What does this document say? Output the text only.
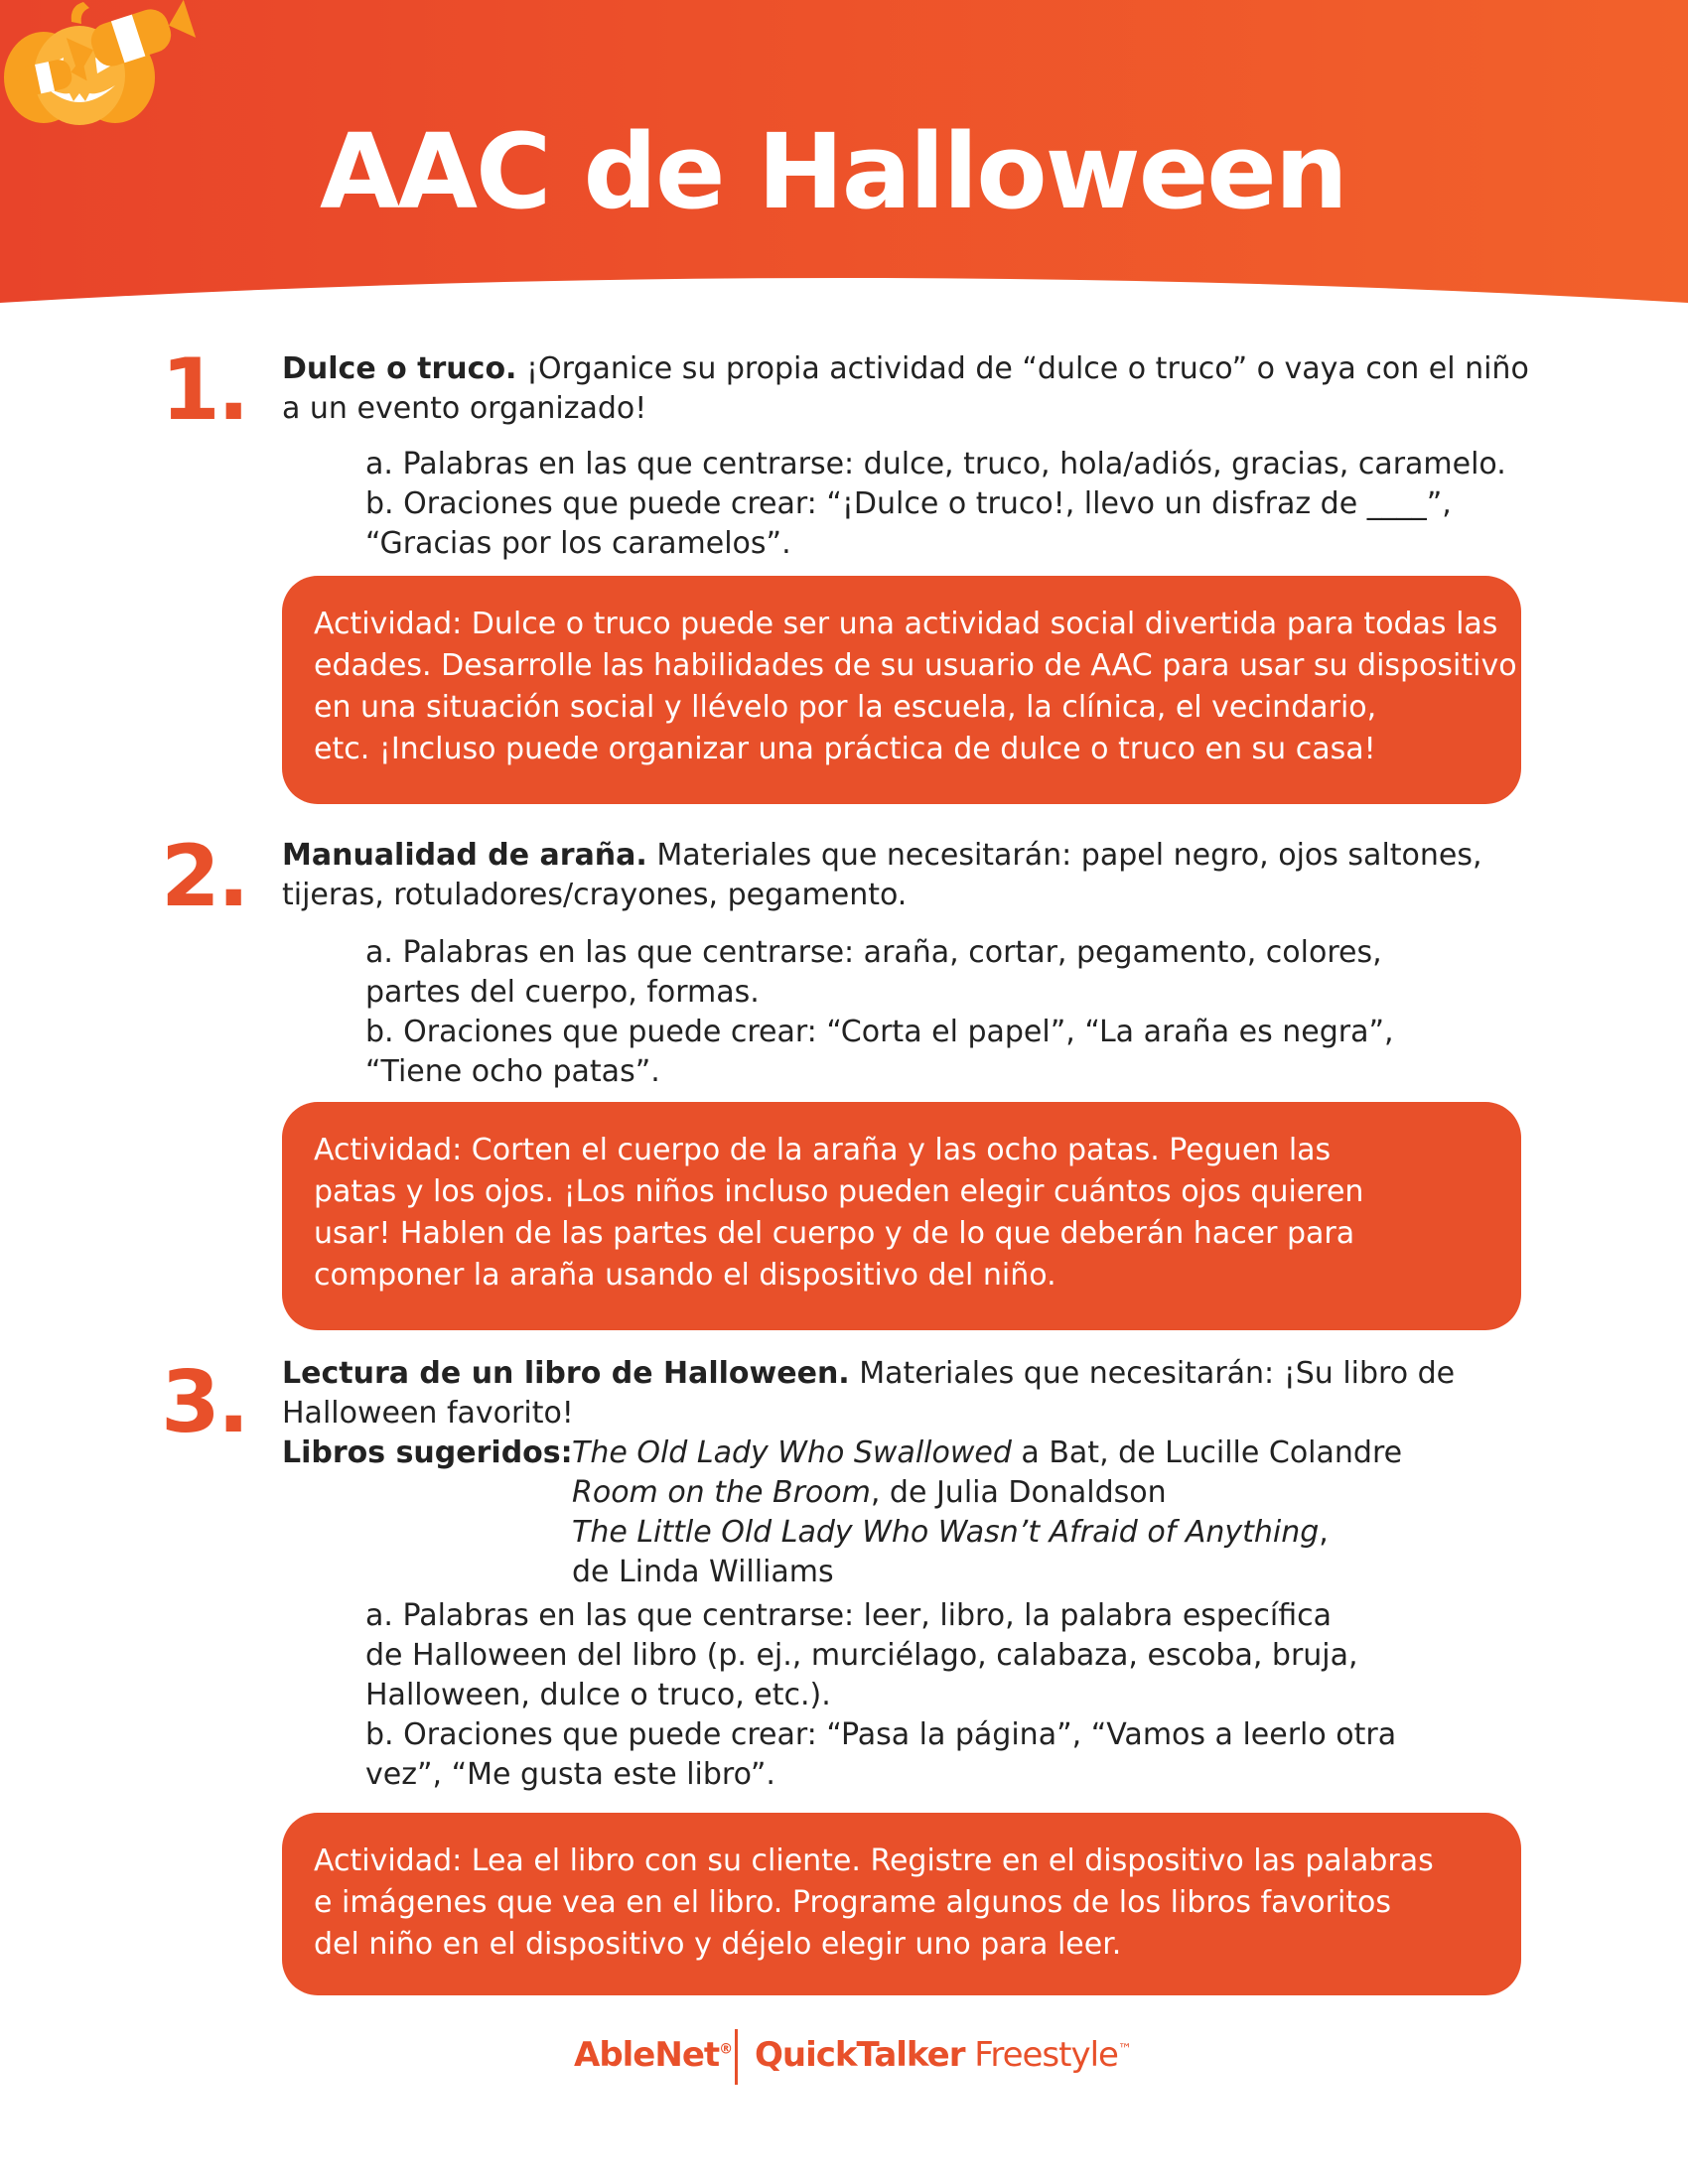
AAC de Halloween
1. Dulce o truco. ¡Organice su propia actividad de “dulce o truco” o vaya con el niño
a un evento organizado!
a. Palabras en las que centrarse: dulce, truco, hola/adiós, gracias, caramelo.
b. Oraciones que puede crear: “¡Dulce o truco!, llevo un disfraz de ____”,
“Gracias por los caramelos”.
Actividad: Dulce o truco puede ser una actividad social divertida para todas las
edades. Desarrolle las habilidades de su usuario de AAC para usar su dispositivo
en una situación social y llévelo por la escuela, la clínica, el vecindario,
etc. ¡Incluso puede organizar una práctica de dulce o truco en su casa!
2. Manualidad de araña. Materiales que necesitarán: papel negro, ojos saltones,
tijeras, rotuladores/crayones, pegamento.
a. Palabras en las que centrarse: araña, cortar, pegamento, colores,
partes del cuerpo, formas.
b. Oraciones que puede crear: “Corta el papel”, “La araña es negra”,
“Tiene ocho patas”.
Actividad: Corten el cuerpo de la araña y las ocho patas. Peguen las
patas y los ojos. ¡Los niños incluso pueden elegir cuántos ojos quieren
usar! Hablen de las partes del cuerpo y de lo que deberán hacer para
componer la araña usando el dispositivo del niño.
3. Lectura de un libro de Halloween. Materiales que necesitarán: ¡Su libro de
Halloween favorito!
Libros sugeridos:The Old Lady Who Swallowed a Bat, de Lucille Colandre
Room on the Broom, de Julia Donaldson
The Little Old Lady Who Wasn’t Afraid of Anything,
de Linda Williams
a. Palabras en las que centrarse: leer, libro, la palabra específica
de Halloween del libro (p. ej., murciélago, calabaza, escoba, bruja,
Halloween, dulce o truco, etc.).
b. Oraciones que puede crear: “Pasa la página”, “Vamos a leerlo otra
vez”, “Me gusta este libro”.
Actividad: Lea el libro con su cliente. Registre en el dispositivo las palabras
e imágenes que vea en el libro. Programe algunos de los libros favoritos
del niño en el dispositivo y déjelo elegir uno para leer.
AbleNet® QuickTalker Freestyle™
